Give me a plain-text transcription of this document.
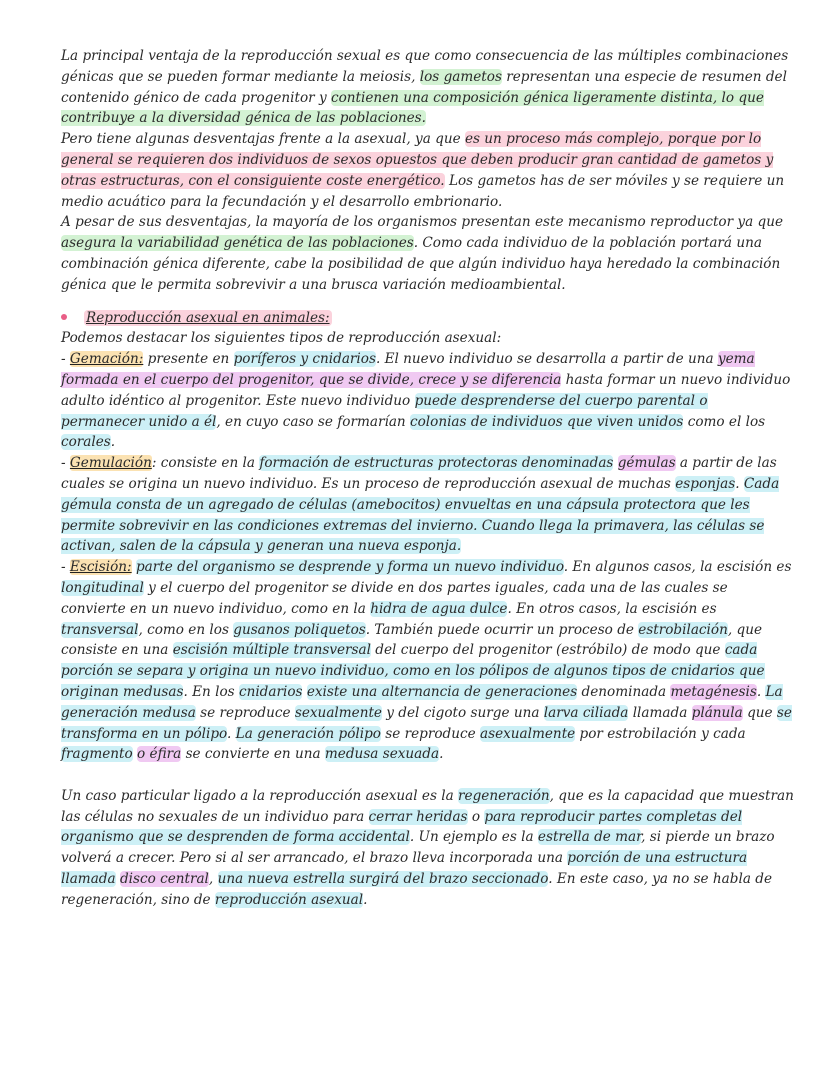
La principal ventaja de la reproducción sexual es que como consecuencia de las múltiples combinaciones génicas que se pueden formar mediante la meiosis, los gametos representan una especie de resumen del contenido génico de cada progenitor y contienen una composición génica ligeramente distinta, lo que contribuye a la diversidad génica de las poblaciones.

Pero tiene algunas desventajas frente a la asexual, ya que es un proceso más complejo, porque por lo general se requieren dos individuos de sexos opuestos que deben producir gran cantidad de gametos y otras estructuras, con el consiguiente coste energético. Los gametos has de ser móviles y se requiere un medio acuático para la fecundación y el desarrollo embrionario.

A pesar de sus desventajas, la mayoría de los organismos presentan este mecanismo reproductor ya que asegura la variabilidad genética de las poblaciones. Como cada individuo de la población portará una combinación génica diferente, cabe la posibilidad de que algún individuo haya heredado la combinación génica que le permita sobrevivir a una brusca variación medioambiental.

Reproducción asexual en animales:

Podemos destacar los siguientes tipos de reproducción asexual:

- Gemación: presente en poríferos y cnidarios. El nuevo individuo se desarrolla a partir de una yema formada en el cuerpo del progenitor, que se divide, crece y se diferencia hasta formar un nuevo individuo adulto idéntico al progenitor. Este nuevo individuo puede desprenderse del cuerpo parental o permanecer unido a él, en cuyo caso se formarían colonias de individuos que viven unidos como el los corales.

- Gemulación: consiste en la formación de estructuras protectoras denominadas gémulas a partir de las cuales se origina un nuevo individuo. Es un proceso de reproducción asexual de muchas esponjas. Cada gémula consta de un agregado de células (amebocitos) envueltas en una cápsula protectora que les permite sobrevivir en las condiciones extremas del invierno. Cuando llega la primavera, las células se activan, salen de la cápsula y generan una nueva esponja.

- Escisión: parte del organismo se desprende y forma un nuevo individuo. En algunos casos, la escisión es longitudinal y el cuerpo del progenitor se divide en dos partes iguales, cada una de las cuales se convierte en un nuevo individuo, como en la hidra de agua dulce. En otros casos, la escisión es transversal, como en los gusanos poliquetos. También puede ocurrir un proceso de estrobilación, que consiste en una escisión múltiple transversal del cuerpo del progenitor (estróbilo) de modo que cada porción se separa y origina un nuevo individuo, como en los pólipos de algunos tipos de cnidarios que originan medusas. En los cnidarios existe una alternancia de generaciones denominada metagénesis. La generación medusa se reproduce sexualmente y del cigoto surge una larva ciliada llamada plánula que se transforma en un pólipo. La generación pólipo se reproduce asexualmente por estrobilación y cada fragmento o éfira se convierte en una medusa sexuada.

Un caso particular ligado a la reproducción asexual es la regeneración, que es la capacidad que muestran las células no sexuales de un individuo para cerrar heridas o para reproducir partes completas del organismo que se desprenden de forma accidental. Un ejemplo es la estrella de mar, si pierde un brazo volverá a crecer. Pero si al ser arrancado, el brazo lleva incorporada una porción de una estructura llamada disco central, una nueva estrella surgirá del brazo seccionado. En este caso, ya no se habla de regeneración, sino de reproducción asexual.
